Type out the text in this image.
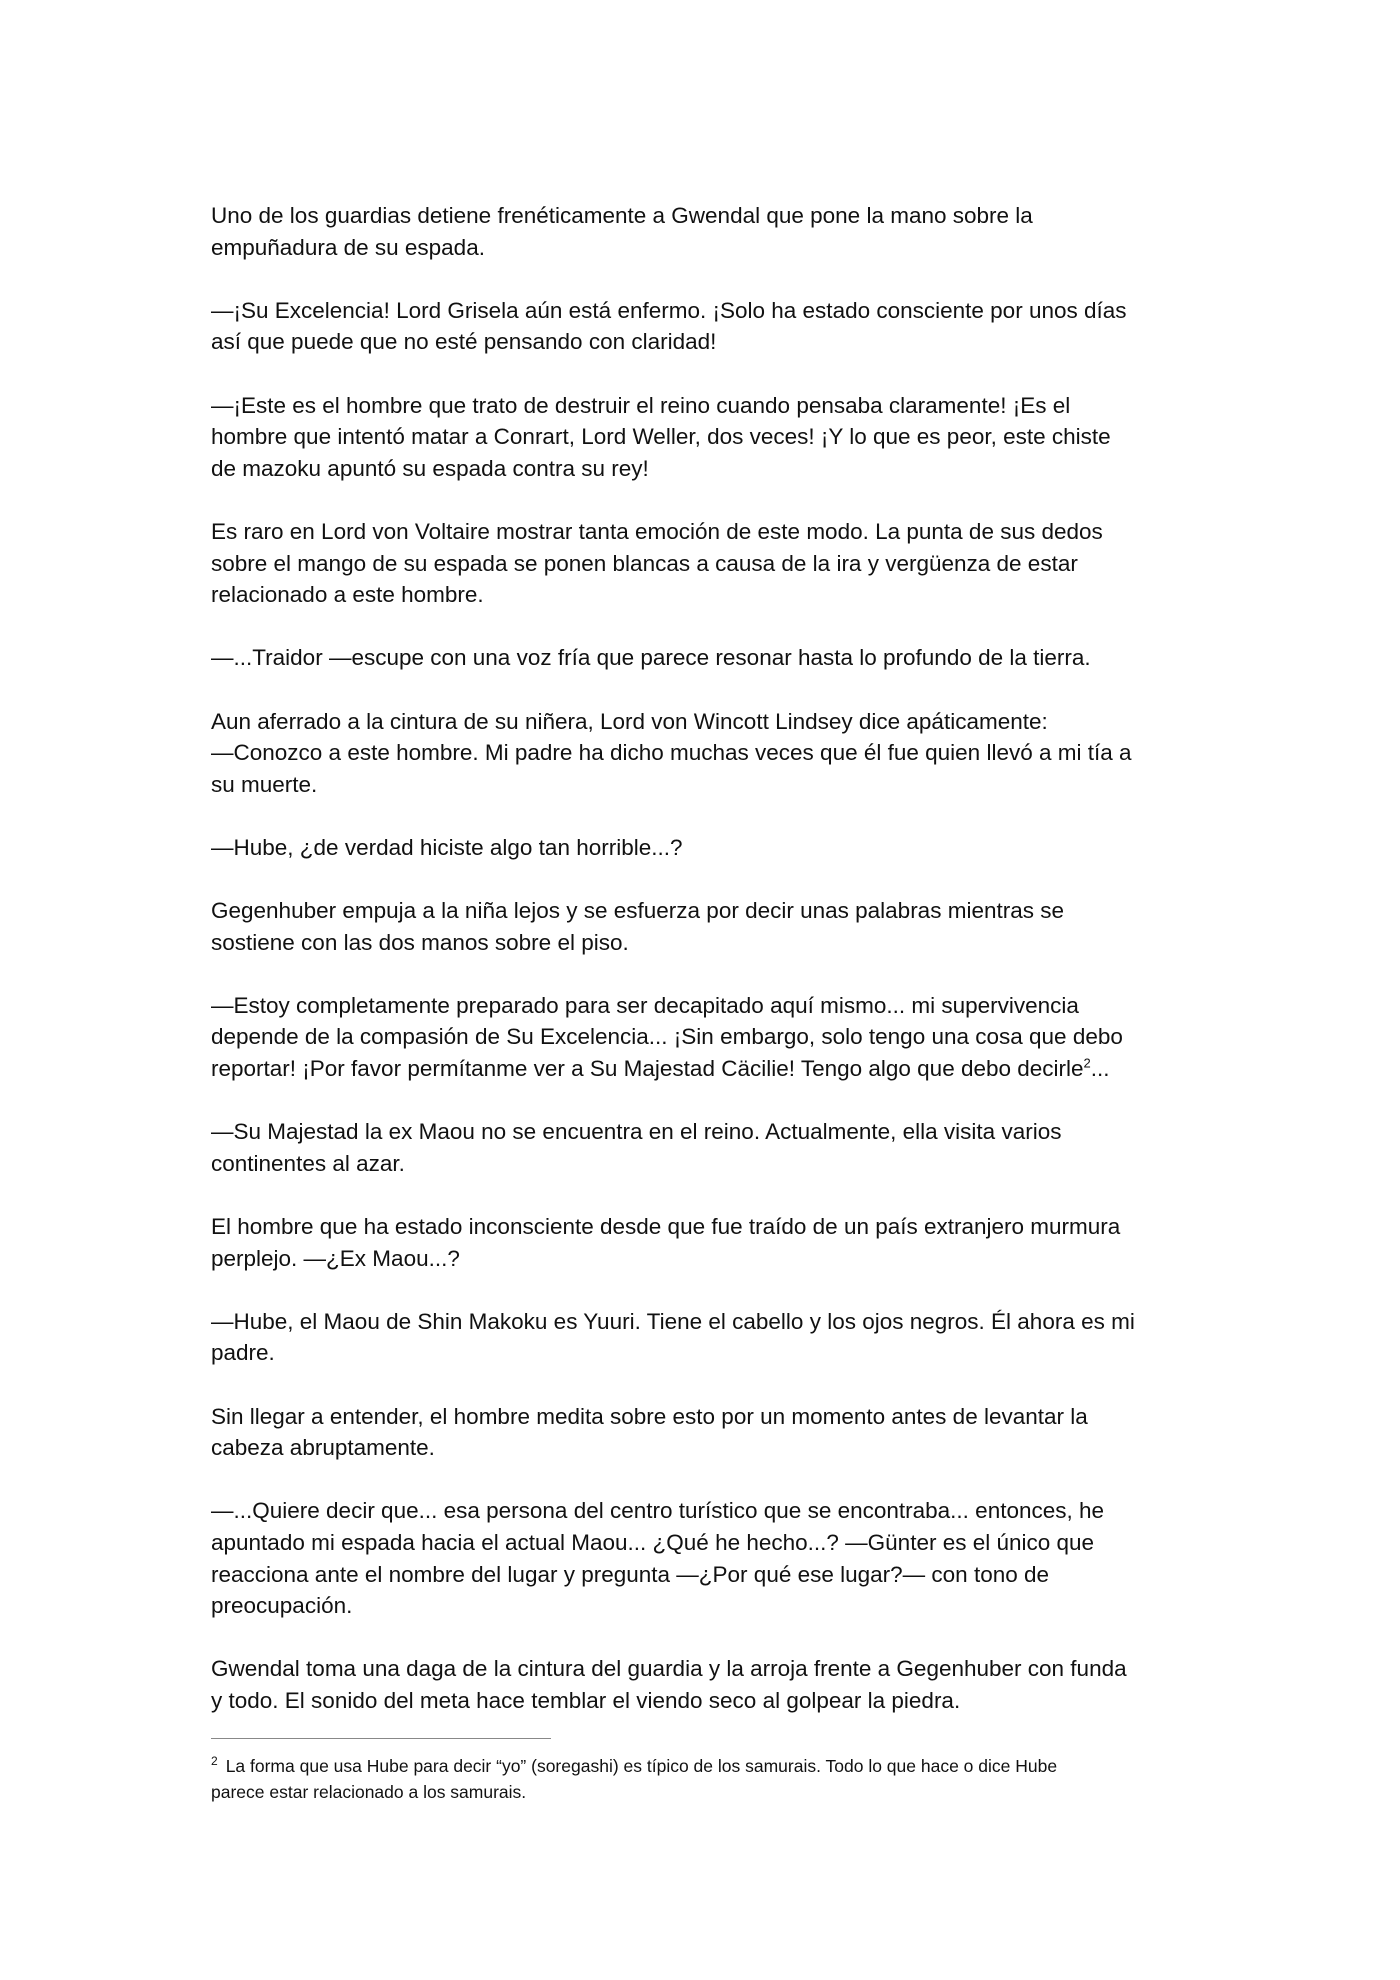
Uno de los guardias detiene frenéticamente a Gwendal que pone la mano sobre la
empuñadura de su espada.

—¡Su Excelencia! Lord Grisela aún está enfermo. ¡Solo ha estado consciente por unos días
así que puede que no esté pensando con claridad!

—¡Este es el hombre que trato de destruir el reino cuando pensaba claramente! ¡Es el
hombre que intentó matar a Conrart, Lord Weller, dos veces! ¡Y lo que es peor, este chiste
de mazoku apuntó su espada contra su rey!

Es raro en Lord von Voltaire mostrar tanta emoción de este modo. La punta de sus dedos
sobre el mango de su espada se ponen blancas a causa de la ira y vergüenza de estar
relacionado a este hombre.

—...Traidor —escupe con una voz fría que parece resonar hasta lo profundo de la tierra.

Aun aferrado a la cintura de su niñera, Lord von Wincott Lindsey dice apáticamente:
—Conozco a este hombre. Mi padre ha dicho muchas veces que él fue quien llevó a mi tía a
su muerte.

—Hube, ¿de verdad hiciste algo tan horrible...?

Gegenhuber empuja a la niña lejos y se esfuerza por decir unas palabras mientras se
sostiene con las dos manos sobre el piso.

—Estoy completamente preparado para ser decapitado aquí mismo... mi supervivencia
depende de la compasión de Su Excelencia... ¡Sin embargo, solo tengo una cosa que debo
reportar! ¡Por favor permítanme ver a Su Majestad Cäcilie! Tengo algo que debo decirle$^2$...

—Su Majestad la ex Maou no se encuentra en el reino. Actualmente, ella visita varios
continentes al azar.

El hombre que ha estado inconsciente desde que fue traído de un país extranjero murmura
perplejo. —¿Ex Maou...?

—Hube, el Maou de Shin Makoku es Yuuri. Tiene el cabello y los ojos negros. Él ahora es mi
padre.

Sin llegar a entender, el hombre medita sobre esto por un momento antes de levantar la
cabeza abruptamente.

—...Quiere decir que... esa persona del centro turístico que se encontraba... entonces, he
apuntado mi espada hacia el actual Maou... ¿Qué he hecho...? —Günter es el único que
reacciona ante el nombre del lugar y pregunta —¿Por qué ese lugar?— con tono de
preocupación.

Gwendal toma una daga de la cintura del guardia y la arroja frente a Gegenhuber con funda
y todo. El sonido del meta hace temblar el viendo seco al golpear la piedra.

$^2$ La forma que usa Hube para decir “yo” (soregashi) es típico de los samurais. Todo lo que hace o dice Hube
parece estar relacionado a los samurais.
